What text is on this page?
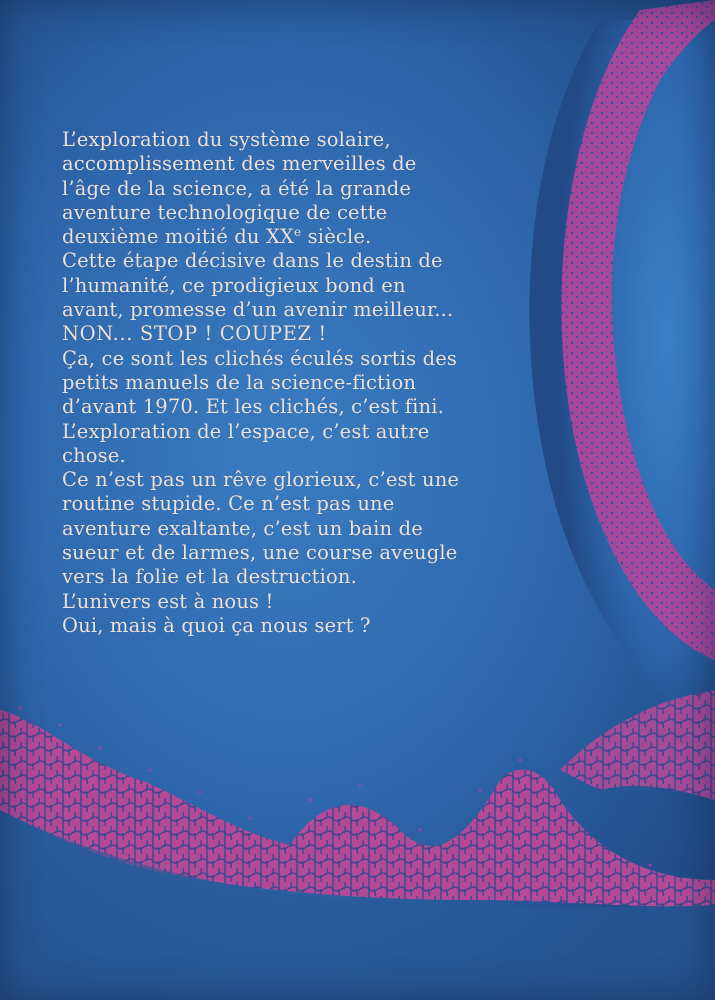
L’exploration du système solaire,
accomplissement des merveilles de
l’âge de la science, a été la grande
aventure technologique de cette
deuxième moitié du XXe siècle.
Cette étape décisive dans le destin de
l’humanité, ce prodigieux bond en
avant, promesse d’un avenir meilleur...
NON... STOP ! COUPEZ !
Ça, ce sont les clichés éculés sortis des
petits manuels de la science-fiction
d’avant 1970. Et les clichés, c’est fini.
L’exploration de l’espace, c’est autre
chose.
Ce n’est pas un rêve glorieux, c’est une
routine stupide. Ce n’est pas une
aventure exaltante, c’est un bain de
sueur et de larmes, une course aveugle
vers la folie et la destruction.
L’univers est à nous !
Oui, mais à quoi ça nous sert ?
